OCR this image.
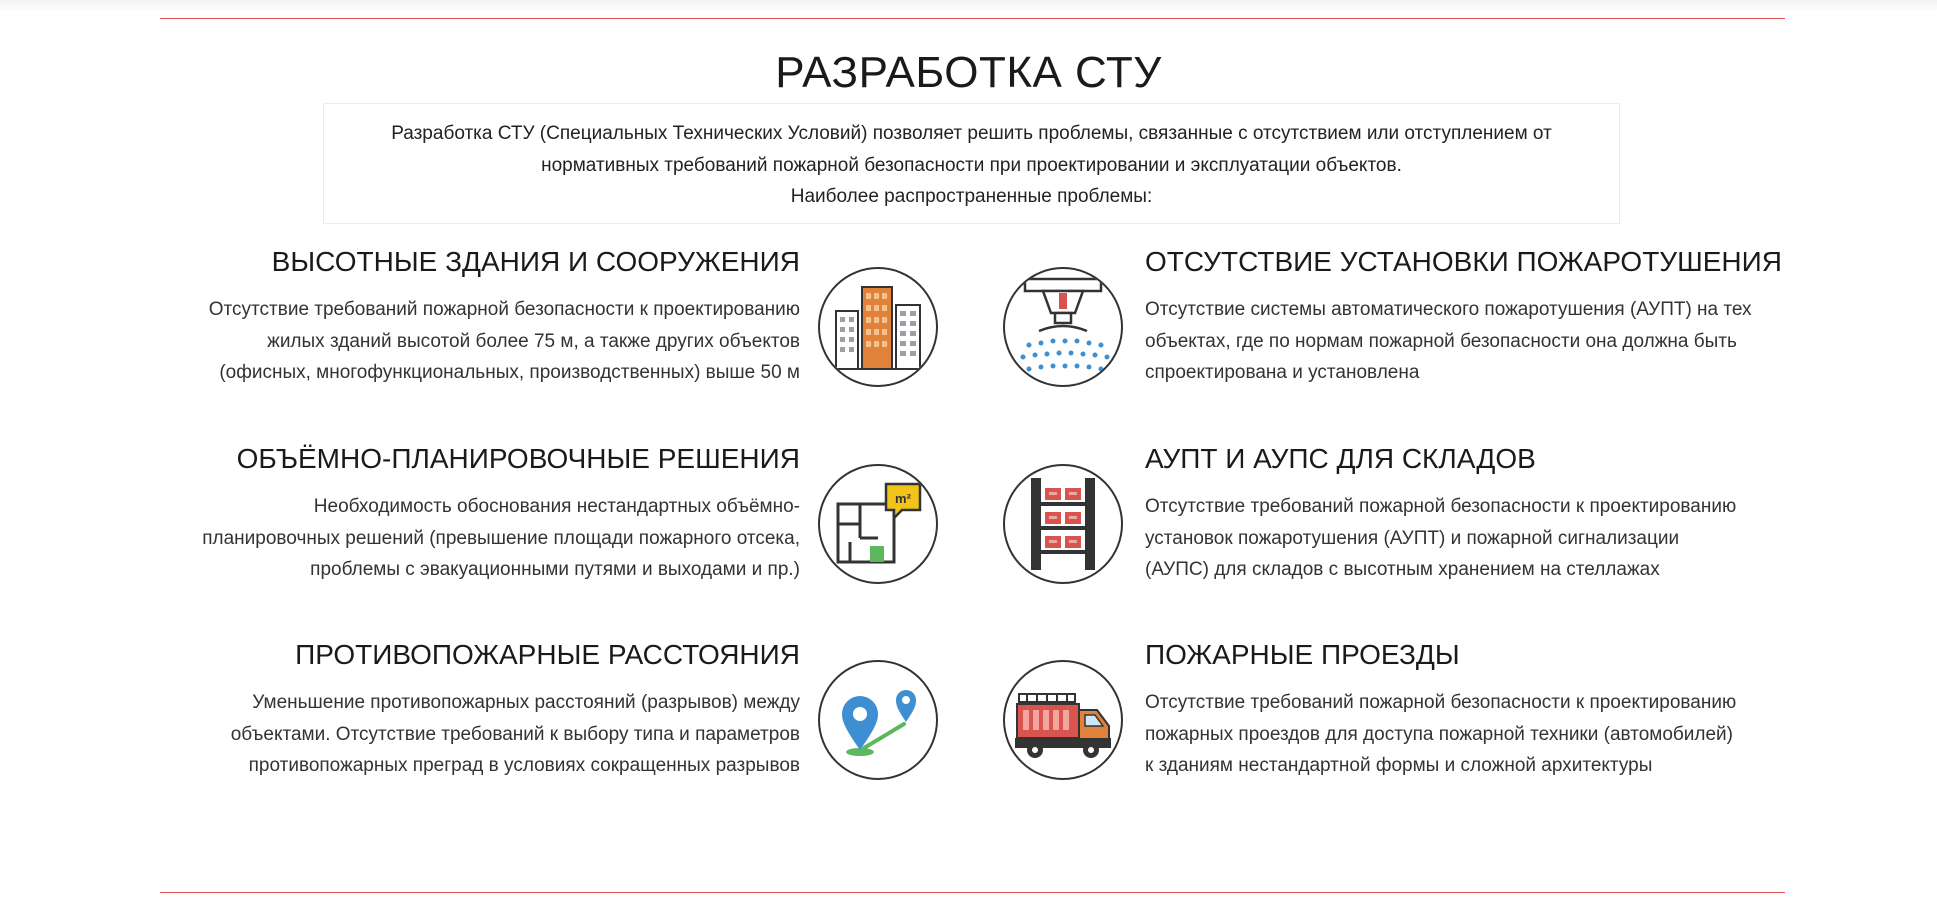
РАЗРАБОТКА СТУ

Разработка СТУ (Специальных Технических Условий) позволяет решить проблемы, связанные с отсутствием или отступлением от

нормативных требований пожарной безопасности при проектировании и эксплуатации объектов.

Наиболее распространенные проблемы:

ВЫСОТНЫЕ ЗДАНИЯ И СООРУЖЕНИЯ
Отсутствие требований пожарной безопасности к проектированию
жилых зданий высотой более 75 м, а также других объектов
(офисных, многофункциональных, производственных) выше 50 м
ОБЪЁМНО-ПЛАНИРОВОЧНЫЕ РЕШЕНИЯ
Необходимость обоснования нестандартных объёмно-
планировочных решений (превышение площади пожарного отсека,
проблемы с эвакуационными путями и выходами и пр.)
m²
ПРОТИВОПОЖАРНЫЕ РАССТОЯНИЯ
Уменьшение противопожарных расстояний (разрывов) между
объектами. Отсутствие требований к выбору типа и параметров
противопожарных преград в условиях сокращенных разрывов
ОТСУТСТВИЕ УСТАНОВКИ ПОЖАРОТУШЕНИЯ
Отсутствие системы автоматического пожаротушения (АУПТ) на тех
объектах, где по нормам пожарной безопасности она должна быть
спроектирована и установлена
АУПТ И АУПС ДЛЯ СКЛАДОВ
Отсутствие требований пожарной безопасности к проектированию
установок пожаротушения (АУПТ) и пожарной сигнализации
(АУПС) для складов с высотным хранением на стеллажах
ПОЖАРНЫЕ ПРОЕЗДЫ
Отсутствие требований пожарной безопасности к проектированию
пожарных проездов для доступа пожарной техники (автомобилей)
к зданиям нестандартной формы и сложной архитектуры
